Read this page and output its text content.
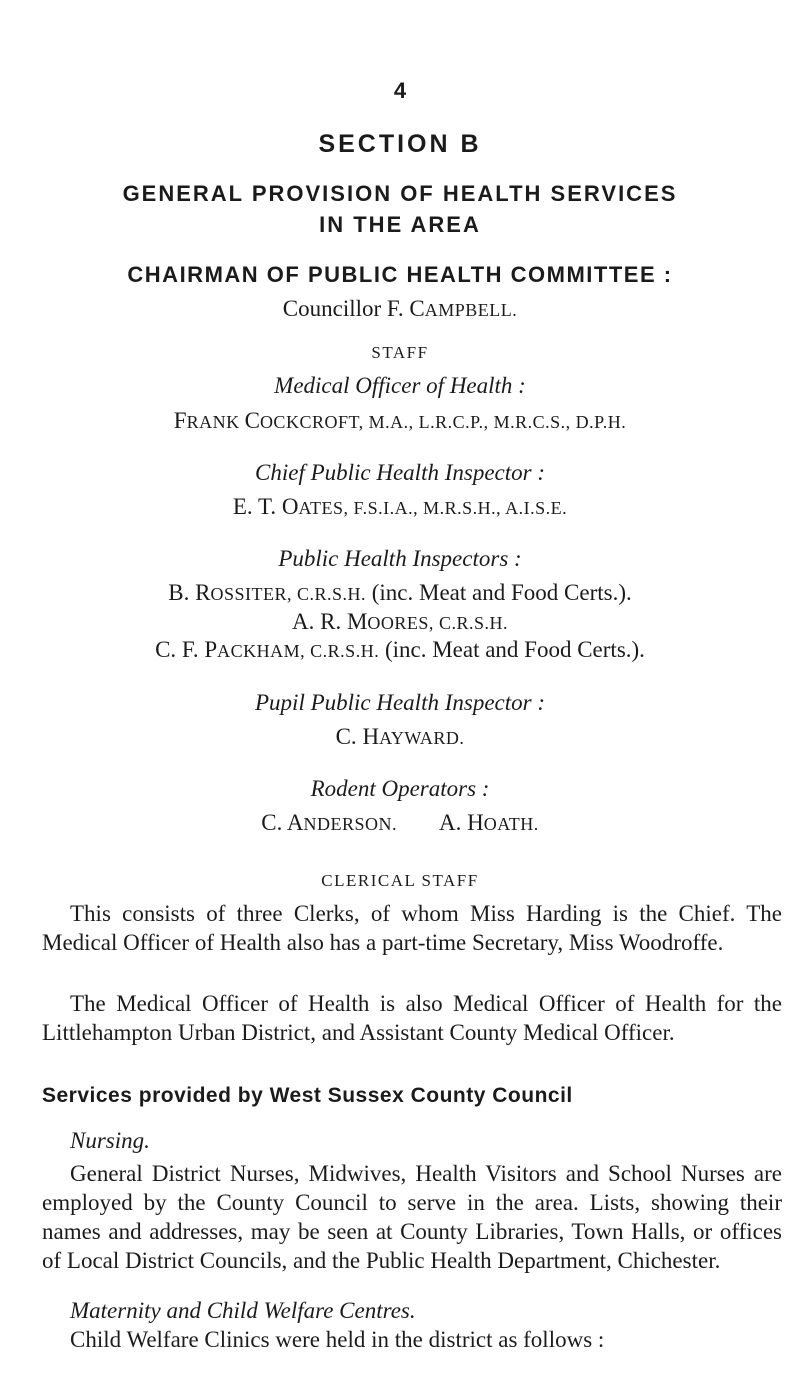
4
SECTION B
GENERAL PROVISION OF HEALTH SERVICES
IN THE AREA
CHAIRMAN OF PUBLIC HEALTH COMMITTEE :
Councillor F. CAMPBELL.
STAFF
Medical Officer of Health :
FRANK COCKCROFT, M.A., L.R.C.P., M.R.C.S., D.P.H.
Chief Public Health Inspector :
E. T. OATES, F.S.I.A., M.R.S.H., A.I.S.E.
Public Health Inspectors :
B. ROSSITER, C.R.S.H. (inc. Meat and Food Certs.).
A. R. MOORES, C.R.S.H.
C. F. PACKHAM, C.R.S.H. (inc. Meat and Food Certs.).
Pupil Public Health Inspector :
C. HAYWARD.
Rodent Operators :
C. ANDERSON. A. HOATH.
CLERICAL STAFF
This consists of three Clerks, of whom Miss Harding is the Chief. The Medical Officer of Health also has a part-time Secretary, Miss Woodroffe.
The Medical Officer of Health is also Medical Officer of Health for the Littlehampton Urban District, and Assistant County Medical Officer.
Services provided by West Sussex County Council
Nursing.
General District Nurses, Midwives, Health Visitors and School Nurses are employed by the County Council to serve in the area. Lists, showing their names and addresses, may be seen at County Libraries, Town Halls, or offices of Local District Councils, and the Public Health Department, Chichester.
Maternity and Child Welfare Centres.
Child Welfare Clinics were held in the district as follows :
